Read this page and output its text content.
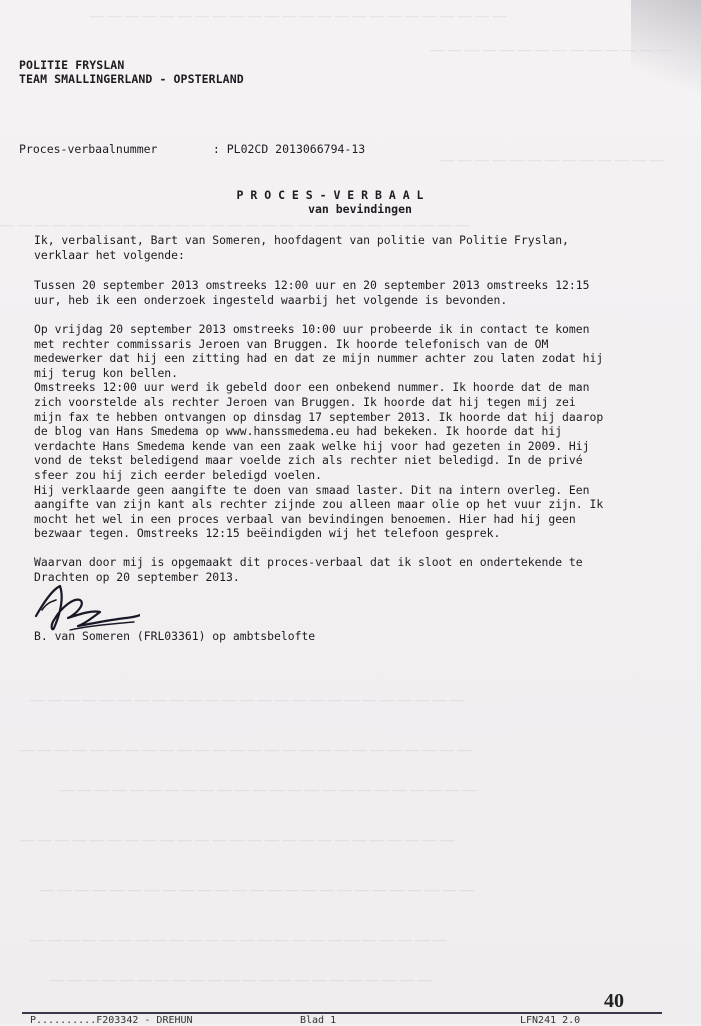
— — — — — — — — — — — — — — — — — — — — — — — —
— — — — — — — — — — — — — —
— — — — — — — — — — — — —
— — — — — — — — — — — — — — — — — — — — — — — — — — —
— — — — — — — — — — — — — — — — — — — — — — — — —
— — — — — — — — — — — — — — — — — — — — — — — — — —
— — — — — — — — — — — — — — — — — — — — — — — —
— — — — — — — — — — — — — — — — — — — — — — — — —
— — — — — — — — — — — — — — — — — — — — — — — — —
— — — — — — — — — — — — — — — — — — — — — — — —
— — — — — — — — — — — — — — — — — — — — — —
POLITIE FRYSLAN
TEAM SMALLINGERLAND - OPSTERLAND
Proces-verbaalnummer	: PL02CD 2013066794-13
P R O C E S - V E R B A A L
van bevindingen

Ik, verbalisant, Bart van Someren, hoofdagent van politie van Politie Fryslan,

verklaar het volgende:

Tussen 20 september 2013 omstreeks 12:00 uur en 20 september 2013 omstreeks 12:15

uur, heb ik een onderzoek ingesteld waarbij het volgende is bevonden.

Op vrijdag 20 september 2013 omstreeks 10:00 uur probeerde ik in contact te komen

met rechter commissaris Jeroen van Bruggen. Ik hoorde telefonisch van de OM

medewerker dat hij een zitting had en dat ze mijn nummer achter zou laten zodat hij

mij terug kon bellen.

Omstreeks 12:00 uur werd ik gebeld door een onbekend nummer. Ik hoorde dat de man

zich voorstelde als rechter Jeroen van Bruggen. Ik hoorde dat hij tegen mij zei

mijn fax te hebben ontvangen op dinsdag 17 september 2013. Ik hoorde dat hij daarop

de blog van Hans Smedema op www.hanssmedema.eu had bekeken. Ik hoorde dat hij

verdachte Hans Smedema kende van een zaak welke hij voor had gezeten in 2009. Hij

vond de tekst beledigend maar voelde zich als rechter niet beledigd. In de privé

sfeer zou hij zich eerder beledigd voelen.

Hij verklaarde geen aangifte te doen van smaad laster. Dit na intern overleg. Een

aangifte van zijn kant als rechter zijnde zou alleen maar olie op het vuur zijn. Ik

mocht het wel in een proces verbaal van bevindingen benoemen. Hier had hij geen

bezwaar tegen. Omstreeks 12:15 beëindigden wij het telefoon gesprek.

Waarvan door mij is opgemaakt dit proces-verbaal dat ik sloot en ondertekende te

Drachten op 20 september 2013.

B. van Someren (FRL03361) op ambtsbelofte
40
P..........F203342 - DREHUN	Blad 1	LFN241 2.0
